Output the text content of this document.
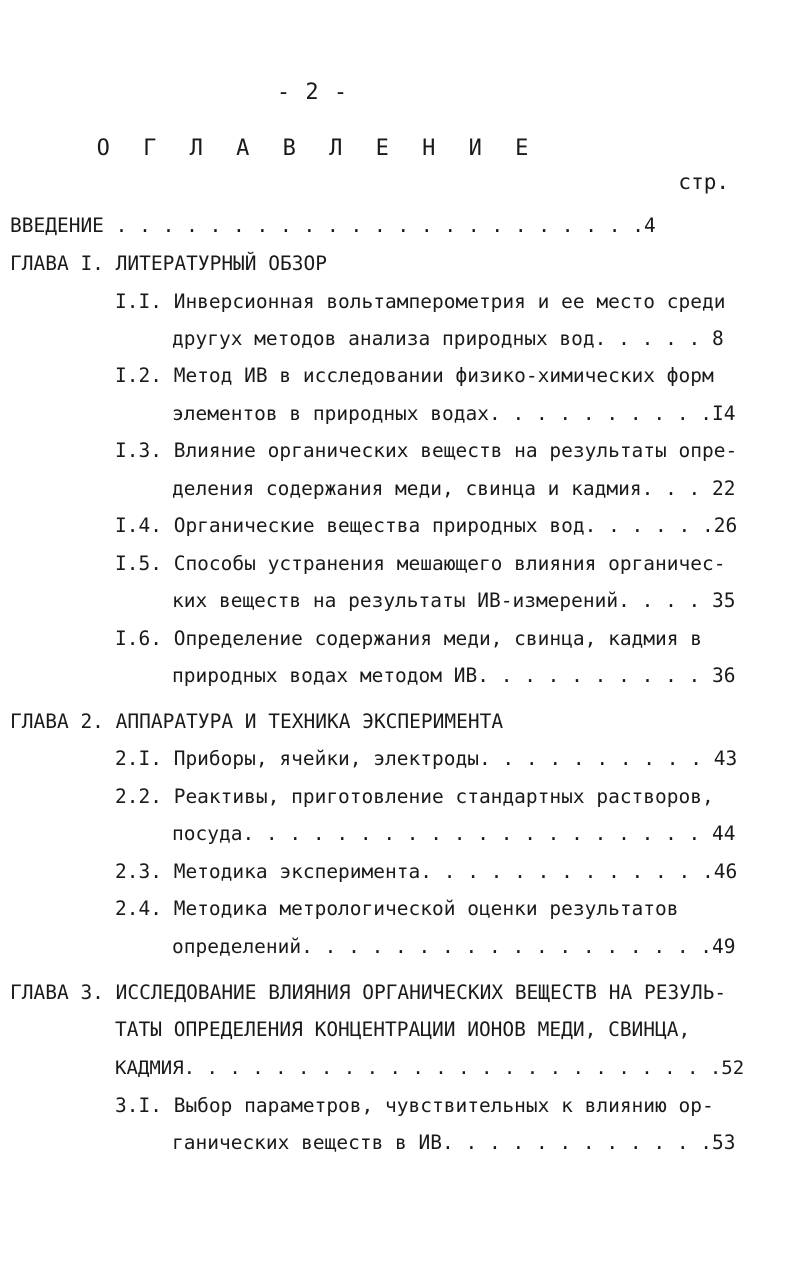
- 2 -
О Г Л А В Л Е Н И Е
стр.
ВВЕДЕНИЕ . . . . . . . . . . . . . . . . . . . . . . .4
ГЛАВА I. ЛИТЕРАТУРНЫЙ ОБЗОР
I.I. Инверсионная вольтамперометрия и ее место среди
другух методов анализа природных вод. . . . . 8
I.2. Метод ИВ в исследовании физико-химических форм
элементов в природных водах. . . . . . . . . .I4
I.3. Влияние органических веществ на результаты опре-
деления содержания меди, свинца и кадмия. . . 22
I.4. Органические вещества природных вод. . . . . .26
I.5. Способы устранения мешающего влияния органичес-
ких веществ на результаты ИВ-измерений. . . . 35
I.6. Определение содержания меди, свинца, кадмия в
природных водах методом ИВ. . . . . . . . . . 36
ГЛАВА 2. АППАРАТУРА И ТЕХНИКА ЭКСПЕРИМЕНТА
2.I. Приборы, ячейки, электроды. . . . . . . . . . 43
2.2. Реактивы, приготовление стандартных растворов,
посуда. . . . . . . . . . . . . . . . . . . . 44
2.3. Методика эксперимента. . . . . . . . . . . . .46
2.4. Методика метрологической оценки результатов
определений. . . . . . . . . . . . . . . . . .49
ГЛАВА 3. ИССЛЕДОВАНИЕ ВЛИЯНИЯ ОРГАНИЧЕСКИХ ВЕЩЕСТВ НА РЕЗУЛЬ-
ТАТЫ ОПРЕДЕЛЕНИЯ КОНЦЕНТРАЦИИ ИОНОВ МЕДИ, СВИНЦА,
КАДМИЯ. . . . . . . . . . . . . . . . . . . . . . . .52
3.I. Выбор параметров, чувствительных к влиянию ор-
ганических веществ в ИВ. . . . . . . . . . . .53
